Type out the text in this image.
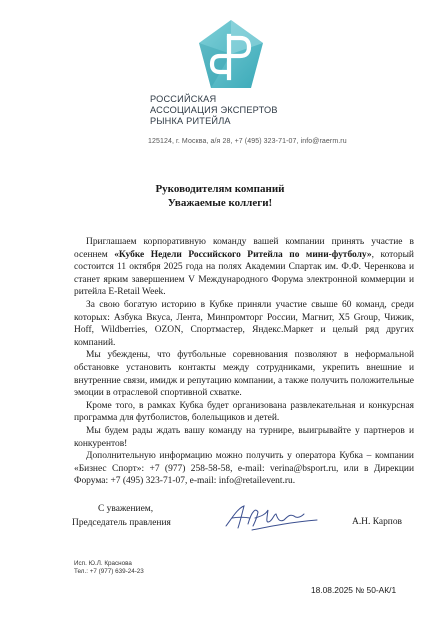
РОССИЙСКАЯ
АССОЦИАЦИЯ ЭКСПЕРТОВ
РЫНКА РИТЕЙЛА
125124, г. Москва, а/я 28, +7 (495) 323-71-07, info@raerm.ru
Руководителям компаний
Уважаемые коллеги!

Приглашаем корпоративную команду вашей компании принять участие в осеннем «Кубке Недели Российского Ритейла по мини-футболу», который состоится 11 октября 2025 года на полях Академии Спартак им. Ф.Ф. Черенкова и станет ярким завершением V Международного Форума электронной коммерции и ритейла E-Retail Week.

За свою богатую историю в Кубке приняли участие свыше 60 команд, среди которых: Азбука Вкуса, Лента, Минпромторг России, Магнит, X5 Group, Чижик, Hoff, Wildberries, OZON, Спортмастер, Яндекс.Маркет и целый ряд других компаний.

Мы убеждены, что футбольные соревнования позволяют в неформальной обстановке установить контакты между сотрудниками, укрепить внешние и внутренние связи, имидж и репутацию компании, а также получить положительные эмоции в отраслевой спортивной схватке.

Кроме того, в рамках Кубка будет организована развлекательная и конкурсная программа для футболистов, болельщиков и детей.

Мы будем рады ждать вашу команду на турнире, выигрывайте у партнеров и конкурентов!

Дополнительную информацию можно получить у оператора Кубка – компании «Бизнес Спорт»: +7 (977) 258-58-58, e-mail: verina@bsport.ru, или в Дирекции Форума: +7 (495) 323-71-07, e-mail: info@retailevent.ru.

С уважением,
Председатель правления	А.Н. Карпов
Исп. Ю.Л. Краснова
Тел.: +7 (977) 639-24-23
18.08.2025 № 50-АК/1
